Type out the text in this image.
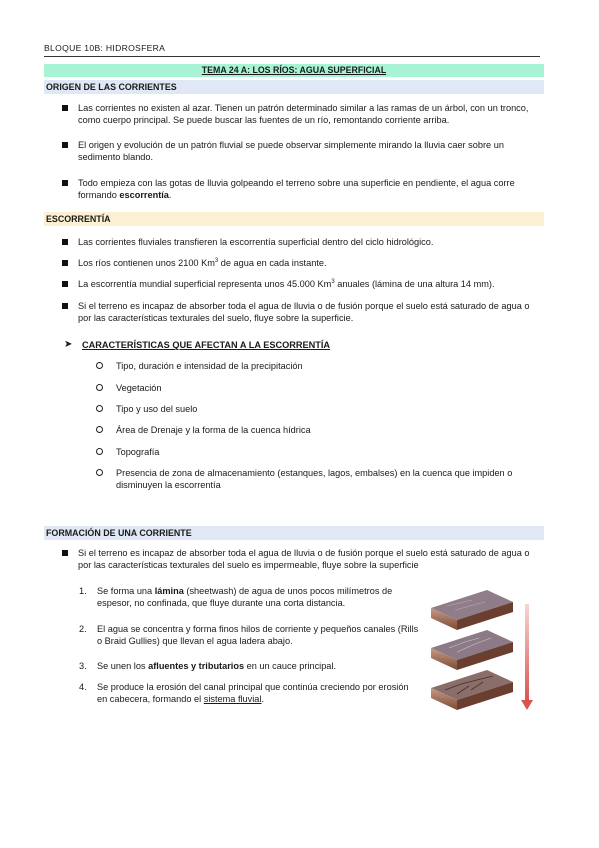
BLOQUE 10B: HIDROSFERA
TEMA 24 A: LOS RÍOS: AGUA SUPERFICIAL
ORIGEN DE LAS CORRIENTES
Las corrientes no existen al azar. Tienen un patrón determinado similar a las ramas de un árbol, con un tronco, como cuerpo principal. Se puede buscar las fuentes de un río, remontando corriente arriba.
El origen y evolución de un patrón fluvial se puede observar simplemente mirando la lluvia caer sobre un sedimento blando.
Todo empieza con las gotas de lluvia golpeando el terreno sobre una superficie en pendiente, el agua corre formando escorrentía.
ESCORRENTÍA
Las corrientes fluviales transfieren la escorrentía superficial dentro del ciclo hidrológico.
Los ríos contienen unos 2100 Km$^3$ de agua en cada instante.
La escorrentía mundial superficial representa unos 45.000 Km$^3$ anuales (lámina de una altura 14 mm).
Si el terreno es incapaz de absorber toda el agua de lluvia o de fusión porque el suelo está saturado de agua o por las características texturales del suelo, fluye sobre la superficie.
➤ CARACTERÍSTICAS QUE AFECTAN A LA ESCORRENTÍA
Tipo, duración e intensidad de la precipitación
Vegetación
Tipo y uso del suelo
Área de Drenaje y la forma de la cuenca hídrica
Topografía
Presencia de zona de almacenamiento (estanques, lagos, embalses) en la cuenca que impiden o disminuyen la escorrentía
FORMACIÓN DE UNA CORRIENTE
Si el terreno es incapaz de absorber toda el agua de lluvia o de fusión porque el suelo está saturado de agua o por las características texturales del suelo es impermeable, fluye sobre la superficie
1. Se forma una lámina (sheetwash) de agua de unos pocos milímetros de espesor, no confinada, que fluye durante una corta distancia.
2. El agua se concentra y forma finos hilos de corriente y pequeños canales (Rills o Braid Gullies) que llevan el agua ladera abajo.
3. Se unen los afluentes y tributarios en un cauce principal.
4. Se produce la erosión del canal principal que continúa creciendo por erosión en cabecera, formando el sistema fluvial.
